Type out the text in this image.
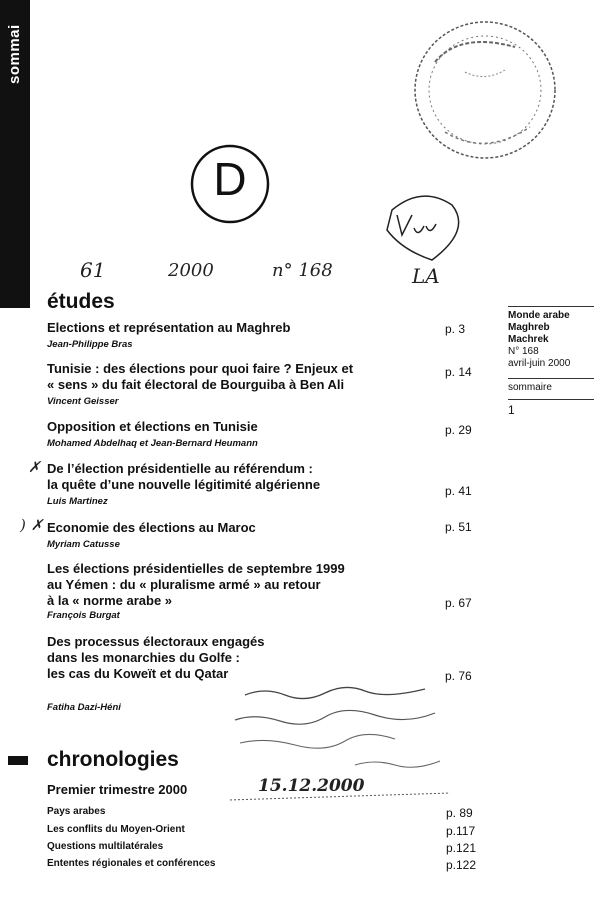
sommai
D
61	2000	n° 168	LA
Monde arabe
Maghreb
Machrek
N° 168
avril-juin 2000
sommaire
1
études
Elections et représentation au Maghreb
Jean-Philippe Bras
p. 3
Tunisie : des élections pour quoi faire ? Enjeux et
« sens » du fait électoral de Bourguiba à Ben Ali
Vincent Geisser
p. 14
Opposition et élections en Tunisie
Mohamed Abdelhaq et Jean-Bernard Heumann
p. 29
✗ De l’élection présidentielle au référendum :
la quête d’une nouvelle légitimité algérienne
Luis Martinez
p. 41
) ✗ Economie des élections au Maroc
Myriam Catusse
p. 51
Les élections présidentielles de septembre 1999
au Yémen : du « pluralisme armé » au retour
à la « norme arabe »
François Burgat
p. 67
Des processus électoraux engagés
dans les monarchies du Golfe :
les cas du Koweït et du Qatar
Fatiha Dazi-Héni
p. 76
15.12.2000
chronologies
Premier trimestre 2000
Pays arabes	p. 89
Les conflits du Moyen-Orient	p.117
Questions multilatérales	p.121
Ententes régionales et conférences	p.122
